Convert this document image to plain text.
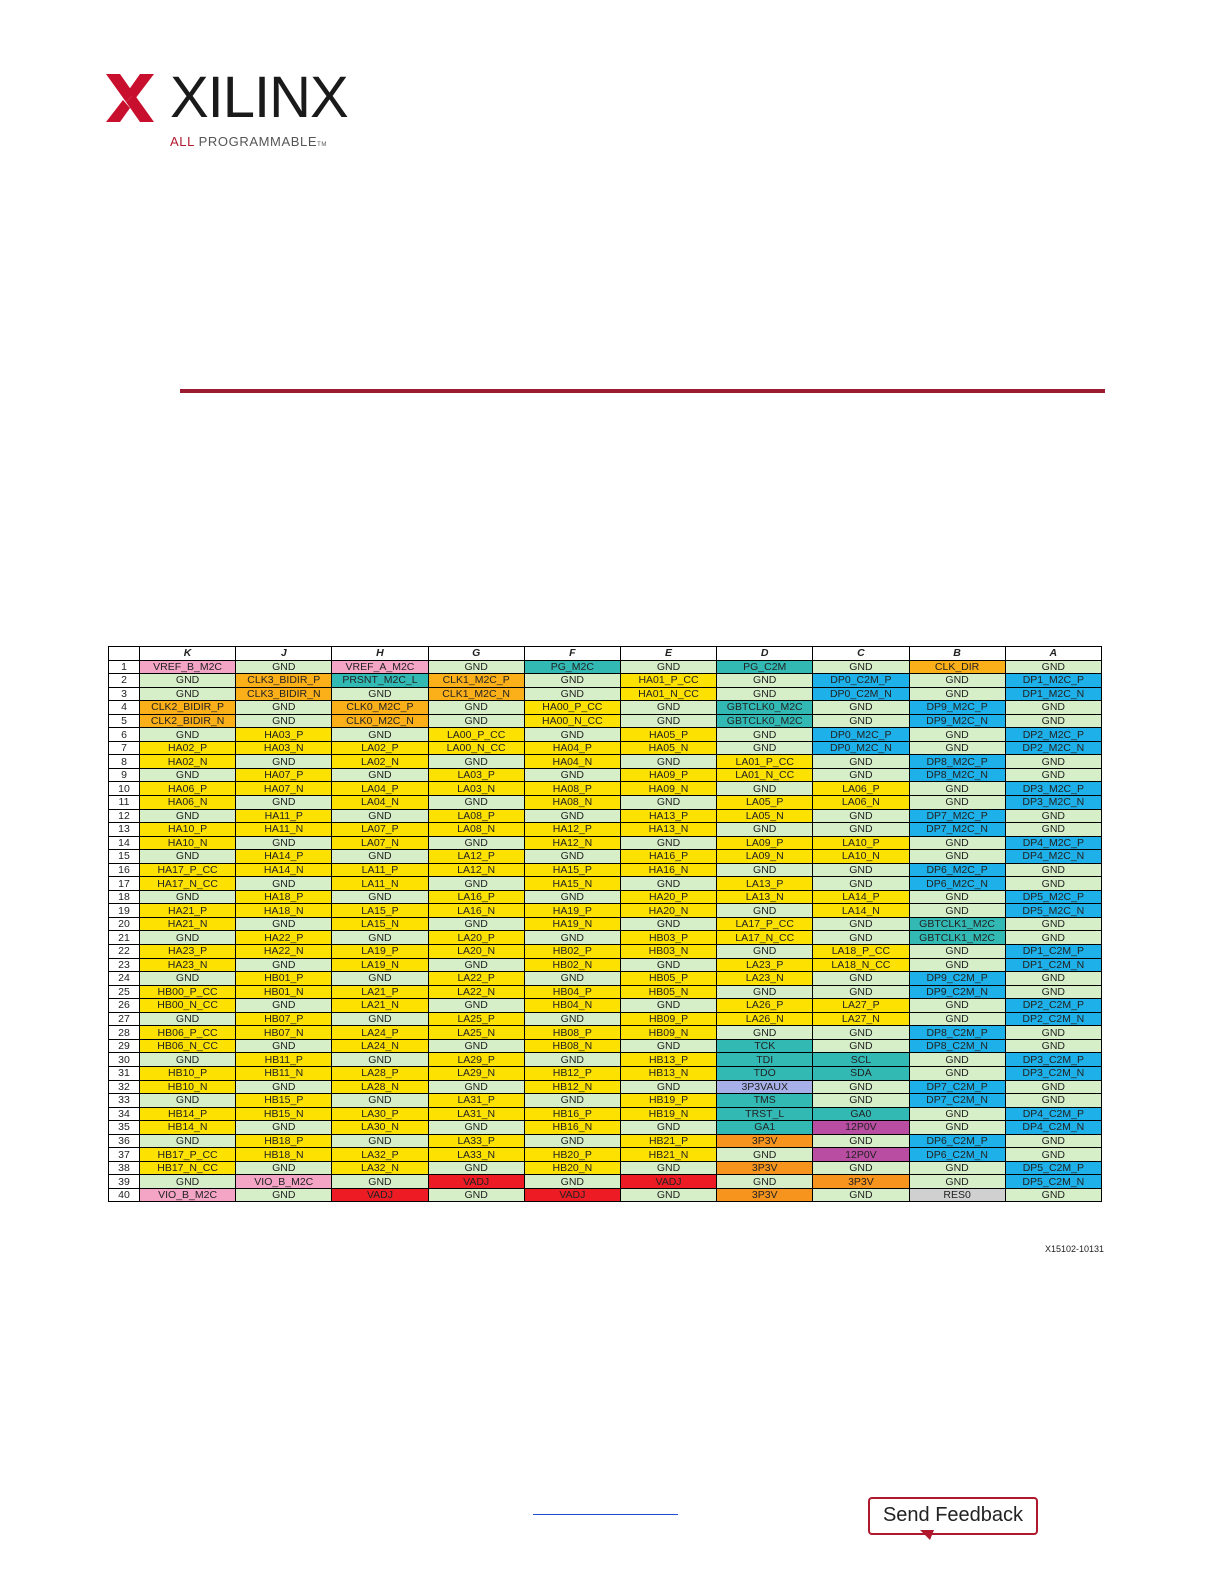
XILINX
ALL PROGRAMMABLETM
	K	J	H	G	F	E	D	C	B	A
1	VREF_B_M2C	GND	VREF_A_M2C	GND	PG_M2C	GND	PG_C2M	GND	CLK_DIR	GND
2	GND	CLK3_BIDIR_P	PRSNT_M2C_L	CLK1_M2C_P	GND	HA01_P_CC	GND	DP0_C2M_P	GND	DP1_M2C_P
3	GND	CLK3_BIDIR_N	GND	CLK1_M2C_N	GND	HA01_N_CC	GND	DP0_C2M_N	GND	DP1_M2C_N
4	CLK2_BIDIR_P	GND	CLK0_M2C_P	GND	HA00_P_CC	GND	GBTCLK0_M2C	GND	DP9_M2C_P	GND
5	CLK2_BIDIR_N	GND	CLK0_M2C_N	GND	HA00_N_CC	GND	GBTCLK0_M2C	GND	DP9_M2C_N	GND
6	GND	HA03_P	GND	LA00_P_CC	GND	HA05_P	GND	DP0_M2C_P	GND	DP2_M2C_P
7	HA02_P	HA03_N	LA02_P	LA00_N_CC	HA04_P	HA05_N	GND	DP0_M2C_N	GND	DP2_M2C_N
8	HA02_N	GND	LA02_N	GND	HA04_N	GND	LA01_P_CC	GND	DP8_M2C_P	GND
9	GND	HA07_P	GND	LA03_P	GND	HA09_P	LA01_N_CC	GND	DP8_M2C_N	GND
10	HA06_P	HA07_N	LA04_P	LA03_N	HA08_P	HA09_N	GND	LA06_P	GND	DP3_M2C_P
11	HA06_N	GND	LA04_N	GND	HA08_N	GND	LA05_P	LA06_N	GND	DP3_M2C_N
12	GND	HA11_P	GND	LA08_P	GND	HA13_P	LA05_N	GND	DP7_M2C_P	GND
13	HA10_P	HA11_N	LA07_P	LA08_N	HA12_P	HA13_N	GND	GND	DP7_M2C_N	GND
14	HA10_N	GND	LA07_N	GND	HA12_N	GND	LA09_P	LA10_P	GND	DP4_M2C_P
15	GND	HA14_P	GND	LA12_P	GND	HA16_P	LA09_N	LA10_N	GND	DP4_M2C_N
16	HA17_P_CC	HA14_N	LA11_P	LA12_N	HA15_P	HA16_N	GND	GND	DP6_M2C_P	GND
17	HA17_N_CC	GND	LA11_N	GND	HA15_N	GND	LA13_P	GND	DP6_M2C_N	GND
18	GND	HA18_P	GND	LA16_P	GND	HA20_P	LA13_N	LA14_P	GND	DP5_M2C_P
19	HA21_P	HA18_N	LA15_P	LA16_N	HA19_P	HA20_N	GND	LA14_N	GND	DP5_M2C_N
20	HA21_N	GND	LA15_N	GND	HA19_N	GND	LA17_P_CC	GND	GBTCLK1_M2C	GND
21	GND	HA22_P	GND	LA20_P	GND	HB03_P	LA17_N_CC	GND	GBTCLK1_M2C	GND
22	HA23_P	HA22_N	LA19_P	LA20_N	HB02_P	HB03_N	GND	LA18_P_CC	GND	DP1_C2M_P
23	HA23_N	GND	LA19_N	GND	HB02_N	GND	LA23_P	LA18_N_CC	GND	DP1_C2M_N
24	GND	HB01_P	GND	LA22_P	GND	HB05_P	LA23_N	GND	DP9_C2M_P	GND
25	HB00_P_CC	HB01_N	LA21_P	LA22_N	HB04_P	HB05_N	GND	GND	DP9_C2M_N	GND
26	HB00_N_CC	GND	LA21_N	GND	HB04_N	GND	LA26_P	LA27_P	GND	DP2_C2M_P
27	GND	HB07_P	GND	LA25_P	GND	HB09_P	LA26_N	LA27_N	GND	DP2_C2M_N
28	HB06_P_CC	HB07_N	LA24_P	LA25_N	HB08_P	HB09_N	GND	GND	DP8_C2M_P	GND
29	HB06_N_CC	GND	LA24_N	GND	HB08_N	GND	TCK	GND	DP8_C2M_N	GND
30	GND	HB11_P	GND	LA29_P	GND	HB13_P	TDI	SCL	GND	DP3_C2M_P
31	HB10_P	HB11_N	LA28_P	LA29_N	HB12_P	HB13_N	TDO	SDA	GND	DP3_C2M_N
32	HB10_N	GND	LA28_N	GND	HB12_N	GND	3P3VAUX	GND	DP7_C2M_P	GND
33	GND	HB15_P	GND	LA31_P	GND	HB19_P	TMS	GND	DP7_C2M_N	GND
34	HB14_P	HB15_N	LA30_P	LA31_N	HB16_P	HB19_N	TRST_L	GA0	GND	DP4_C2M_P
35	HB14_N	GND	LA30_N	GND	HB16_N	GND	GA1	12P0V	GND	DP4_C2M_N
36	GND	HB18_P	GND	LA33_P	GND	HB21_P	3P3V	GND	DP6_C2M_P	GND
37	HB17_P_CC	HB18_N	LA32_P	LA33_N	HB20_P	HB21_N	GND	12P0V	DP6_C2M_N	GND
38	HB17_N_CC	GND	LA32_N	GND	HB20_N	GND	3P3V	GND	GND	DP5_C2M_P
39	GND	VIO_B_M2C	GND	VADJ	GND	VADJ	GND	3P3V	GND	DP5_C2M_N
40	VIO_B_M2C	GND	VADJ	GND	VADJ	GND	3P3V	GND	RES0	GND
X15102-10131
Send Feedback
